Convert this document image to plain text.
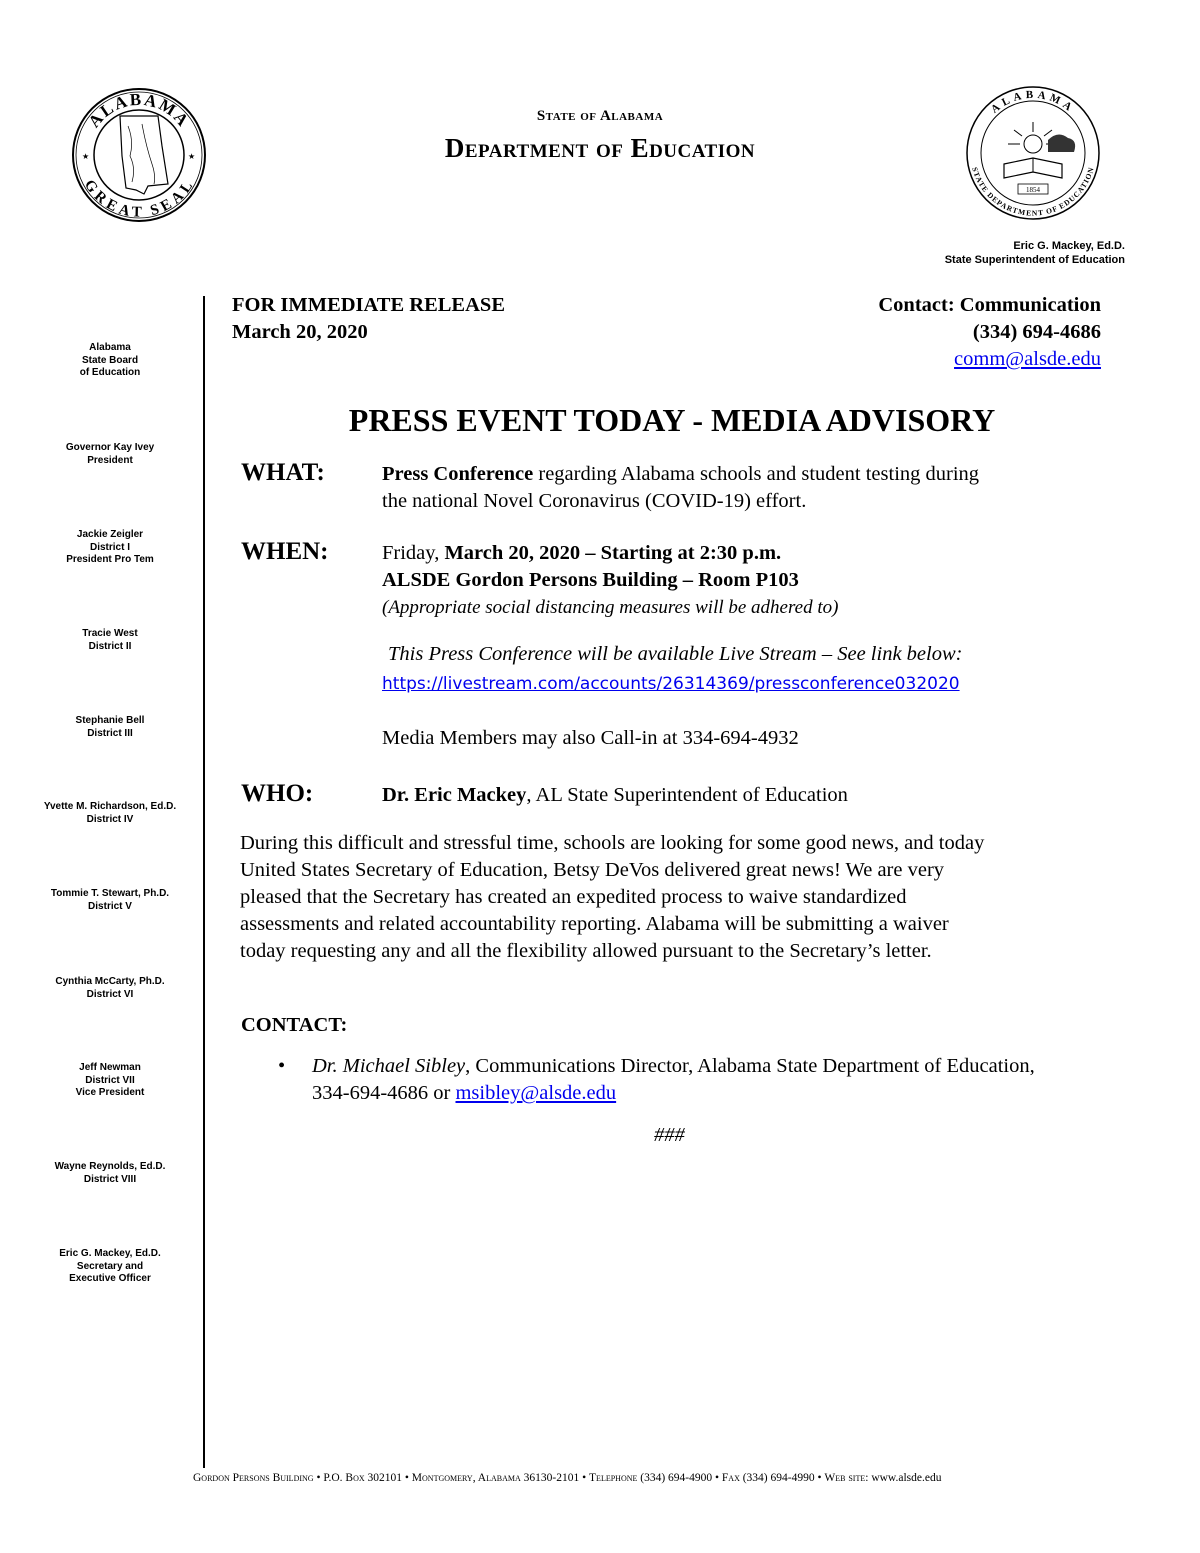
ALABAMA
GREAT SEAL
★	★
State of Alabama
Department of Education
ALABAMA
STATE DEPARTMENT OF EDUCATION
1854
Eric G. Mackey, Ed.D.
State Superintendent of Education
Alabama
State Board
of Education
Governor Kay Ivey
President
Jackie Zeigler
District I
President Pro Tem
Tracie West
District II
Stephanie Bell
District III
Yvette M. Richardson, Ed.D.
District IV
Tommie T. Stewart, Ph.D.
District V
Cynthia McCarty, Ph.D.
District VI
Jeff Newman
District VII
Vice President
Wayne Reynolds, Ed.D.
District VIII
Eric G. Mackey, Ed.D.
Secretary and
Executive Officer
FOR IMMEDIATE RELEASE
March 20, 2020
Contact: Communication
(334) 694-4686
comm@alsde.edu
PRESS EVENT TODAY - MEDIA ADVISORY
WHAT:	Press Conference regarding Alabama schools and student testing during
the national Novel Coronavirus (COVID-19) effort.
WHEN:	Friday, March 20, 2020 – Starting at 2:30 p.m.
ALSDE Gordon Persons Building – Room P103
(Appropriate social distancing measures will be adhered to)
This Press Conference will be available Live Stream – See link below:
https://livestream.com/accounts/26314369/pressconference032020
Media Members may also Call-in at 334-694-4932
WHO:	Dr. Eric Mackey, AL State Superintendent of Education
During this difficult and stressful time, schools are looking for some good news, and today
United States Secretary of Education, Betsy DeVos delivered great news! We are very
pleased that the Secretary has created an expedited process to waive standardized
assessments and related accountability reporting. Alabama will be submitting a waiver
today requesting any and all the flexibility allowed pursuant to the Secretary’s letter.
CONTACT:
• Dr. Michael Sibley, Communications Director, Alabama State Department of Education,
334-694-4686 or msibley@alsde.edu
###
Gordon Persons Building • P.O. Box 302101 • Montgomery, Alabama 36130-2101 • Telephone (334) 694-4900 • Fax (334) 694-4990 • Web site: www.alsde.edu
